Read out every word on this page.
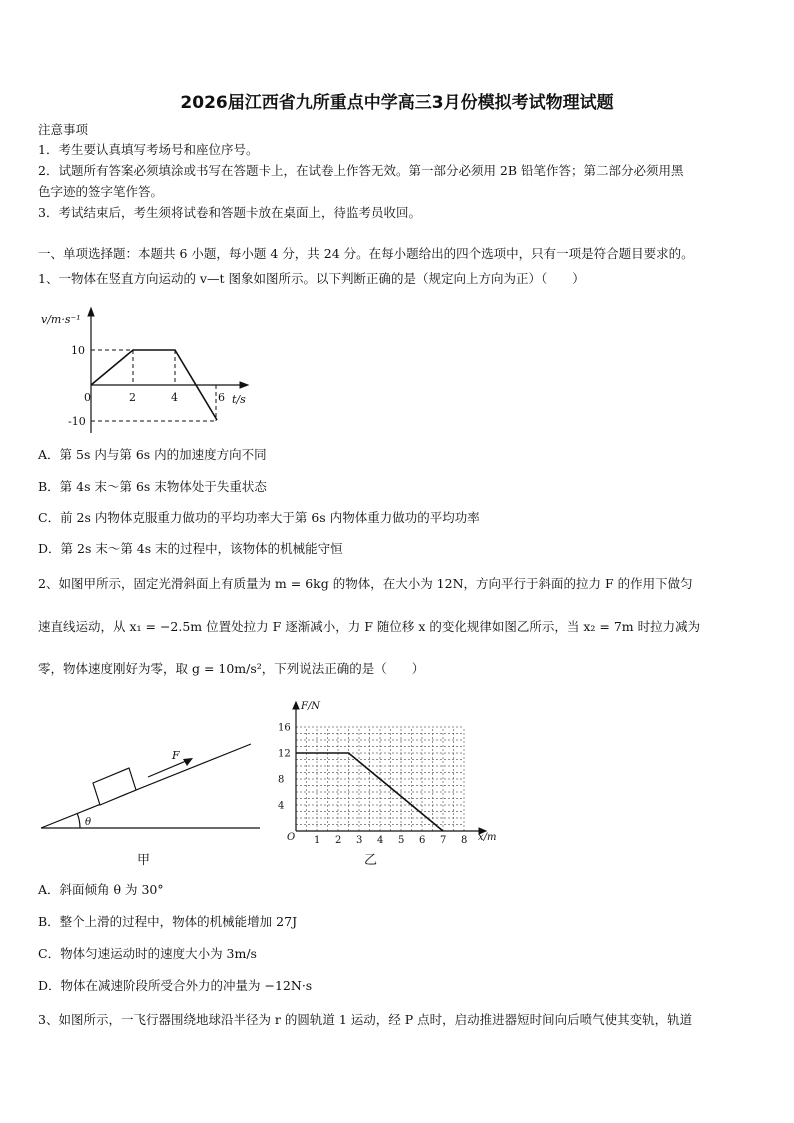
2026届江西省九所重点中学高三3月份模拟考试物理试题
注意事项
1．考生要认真填写考场号和座位序号。
2．试题所有答案必须填涂或书写在答题卡上，在试卷上作答无效。第一部分必须用 2B 铅笔作答；第二部分必须用黑
色字迹的签字笔作答。
3．考试结束后，考生须将试卷和答题卡放在桌面上，待监考员收回。
一、单项选择题：本题共 6 小题，每小题 4 分，共 24 分。在每小题给出的四个选项中，只有一项是符合题目要求的。
1、一物体在竖直方向运动的 v—t 图象如图所示。以下判断正确的是（规定向上方向为正）（　　）
v/m·s⁻¹
0
10
-10
2	4	6 t/s
A．第 5s 内与第 6s 内的加速度方向不同
B．第 4s 末～第 6s 末物体处于失重状态
C．前 2s 内物体克服重力做功的平均功率大于第 6s 内物体重力做功的平均功率
D．第 2s 末～第 4s 末的过程中，该物体的机械能守恒
2、如图甲所示，固定光滑斜面上有质量为 m = 6kg 的物体，在大小为 12N，方向平行于斜面的拉力 F 的作用下做匀
速直线运动，从 x₁ = −2.5m 位置处拉力 F 逐渐减小，力 F 随位移 x 的变化规律如图乙所示，当 x₂ = 7m 时拉力减为
零，物体速度刚好为零，取 g = 10m/s²，下列说法正确的是（　　）
F
θ
甲
F/N
O
4
8
12
16
1 2 3 4 5 6 7 8 x/m
乙
A．斜面倾角 θ 为 30°
B．整个上滑的过程中，物体的机械能增加 27J
C．物体匀速运动时的速度大小为 3m/s
D．物体在减速阶段所受合外力的冲量为 −12N·s
3、如图所示，一飞行器围绕地球沿半径为 r 的圆轨道 1 运动，经 P 点时，启动推进器短时间向后喷气使其变轨，轨道
